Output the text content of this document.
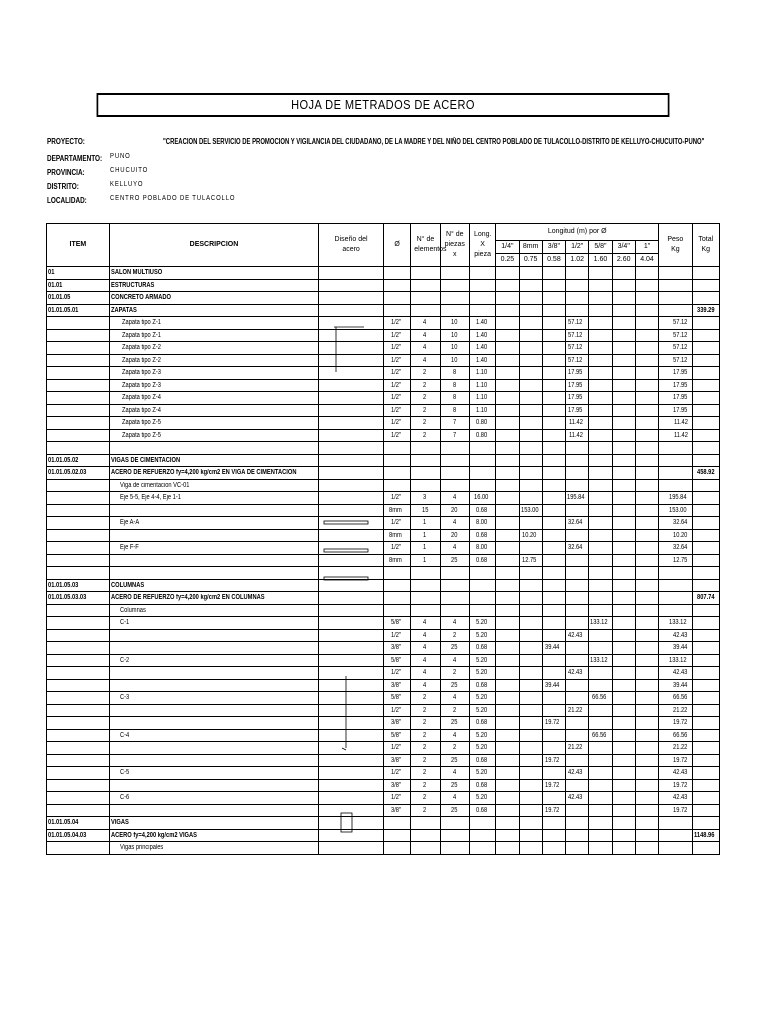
HOJA DE METRADOS DE ACERO
PROYECTO:	"CREACION DEL SERVICIO DE PROMOCION Y VIGILANCIA DEL CIUDADANO, DE LA MADRE Y DEL NIÑO DEL CENTRO POBLADO DE TULACOLLO-DISTRITO DE KELLUYO-CHUCUITO-PUNO"
DEPARTAMENTO: PUNO
PROVINCIA:	CHUCUITO
DISTRITO:	KELLUYO
LOCALIDAD:	CENTRO POBLADO DE TULACOLLO
ITEM	DESCRIPCION	Diseño del acero	Ø	N° de elementos	N° de piezas x	Long. X pieza	Longitud (m) por Ø							Peso Kg	Total Kg
							1/4"	8mm	3/8"	1/2"	5/8"	3/4"	1"		
							0.25	0.75	0.58	1.02	1.60	2.60	4.04		
01	SALON MULTIUSO														
01.01	ESTRUCTURAS														
01.01.05	CONCRETO ARMADO														
01.01.05.01	ZAPATAS														339.29
	Zapata tipo Z-1		1/2"	4	10	1.40				57.12				57.12	
	Zapata tipo Z-1		1/2"	4	10	1.40				57.12				57.12	
	Zapata tipo Z-2		1/2"	4	10	1.40				57.12				57.12	
	Zapata tipo Z-2		1/2"	4	10	1.40				57.12				57.12	
	Zapata tipo Z-3		1/2"	2	8	1.10				17.95				17.95	
	Zapata tipo Z-3		1/2"	2	8	1.10				17.95				17.95	
	Zapata tipo Z-4		1/2"	2	8	1.10				17.95				17.95	
	Zapata tipo Z-4		1/2"	2	8	1.10				17.95				17.95	
	Zapata tipo Z-5		1/2"	2	7	0.80				11.42				11.42	
	Zapata tipo Z-5		1/2"	2	7	0.80				11.42				11.42	

01.01.05.02	VIGAS DE CIMENTACION														
01.01.05.02.03	ACERO DE REFUERZO fy=4,200 kg/cm2 EN VIGA DE CIMENTACION														458.92
	Viga de cimentacion VC-01														
	Eje 5-5, Eje 4-4, Eje 1-1		1/2"	3	4	16.00				195.84				195.84	
			8mm	15	20	0.68		153.00						153.00	
	Eje A-A		1/2"	1	4	8.00				32.64				32.64	
			8mm	1	20	0.68		10.20						10.20	
	Eje F-F		1/2"	1	4	8.00				32.64				32.64	
			8mm	1	25	0.68		12.75						12.75	

01.01.05.03	COLUMNAS														
01.01.05.03.03	ACERO DE REFUERZO fy=4,200 kg/cm2 EN COLUMNAS														807.74
	Columnas														
	C-1		5/8"	4	4	5.20					133.12			133.12	
			1/2"	4	2	5.20				42.43				42.43	
			3/8"	4	25	0.68			39.44					39.44	
	C-2		5/8"	4	4	5.20					133.12			133.12	
			1/2"	4	2	5.20				42.43				42.43	
			3/8"	4	25	0.68			39.44					39.44	
	C-3		5/8"	2	4	5.20					66.56			66.56	
			1/2"	2	2	5.20				21.22				21.22	
			3/8"	2	25	0.68			19.72					19.72	
	C-4		5/8"	2	4	5.20					66.56			66.56	
			1/2"	2	2	5.20				21.22				21.22	
			3/8"	2	25	0.68			19.72					19.72	
	C-5		1/2"	2	4	5.20				42.43				42.43	
			3/8"	2	25	0.68			19.72					19.72	
	C-6		1/2"	2	4	5.20				42.43				42.43	
			3/8"	2	25	0.68			19.72					19.72	
01.01.05.04	VIGAS														
01.01.05.04.03	ACERO fy=4,200 kg/cm2 VIGAS														1148.96
	Vigas principales														
